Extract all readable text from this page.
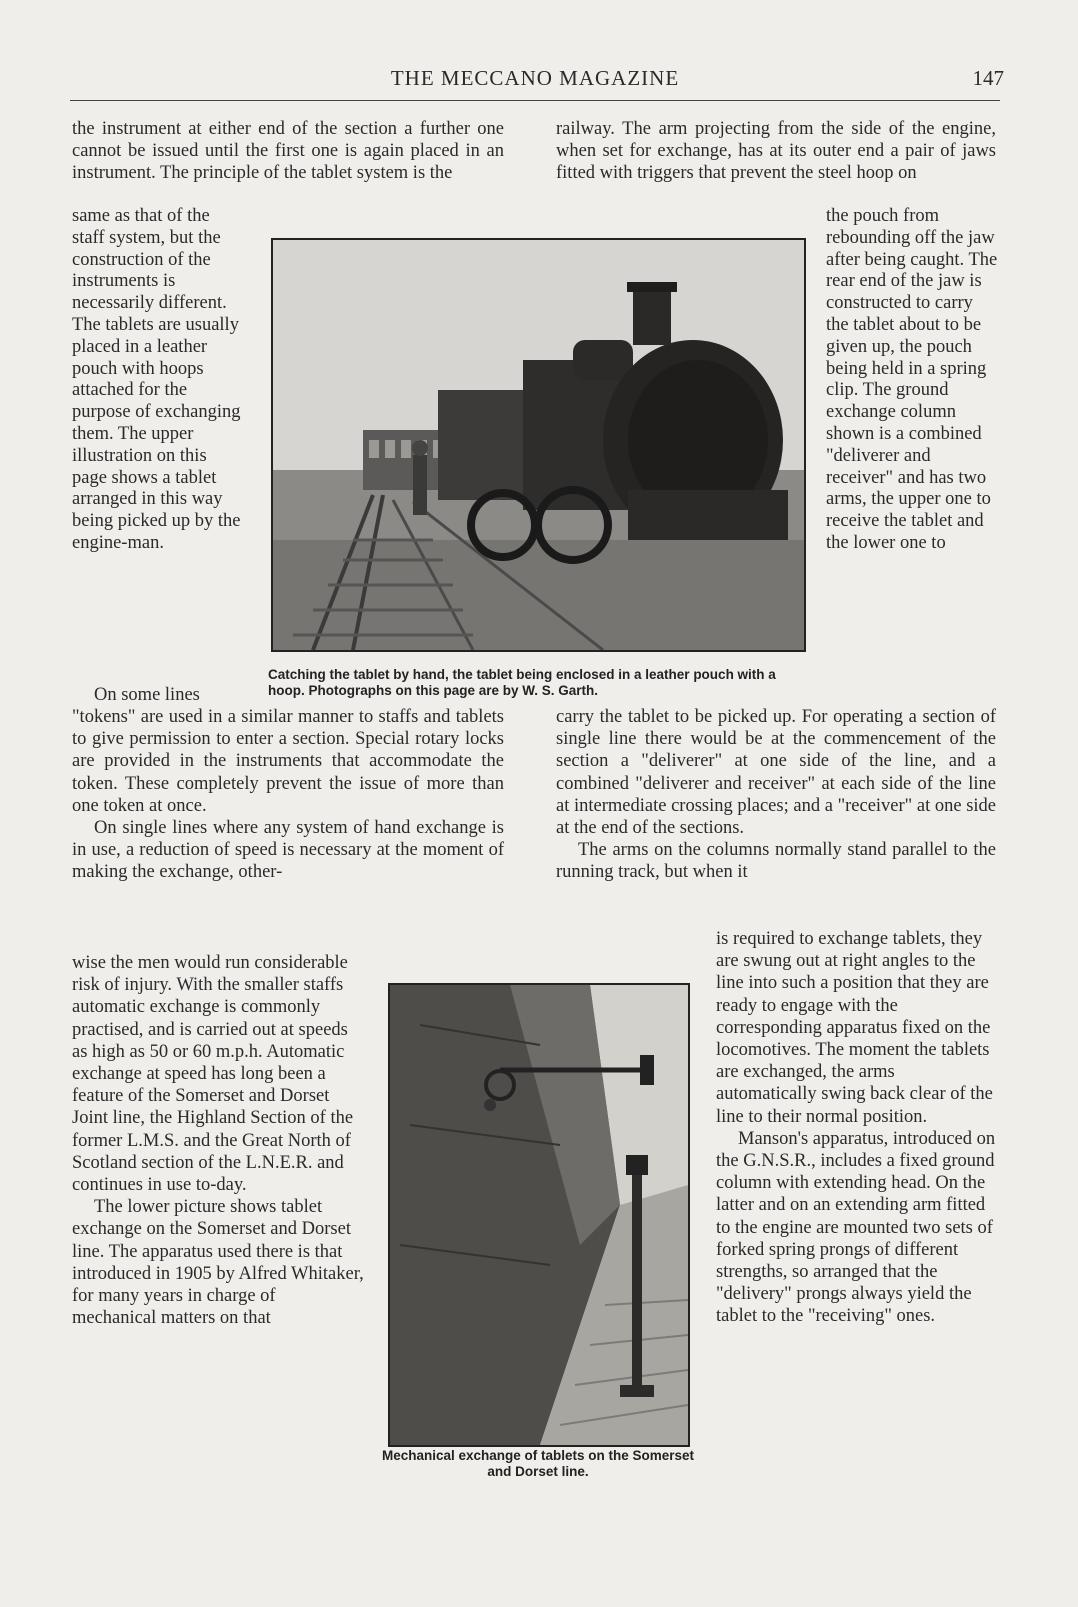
THE MECCANO MAGAZINE	147

the instrument at either end of the section a further one cannot be issued until the first one is again placed in an instrument. The principle of the tablet system is the

same as that of the staff system, but the construction of the instruments is necessarily different. The tablets are usually placed in a leather pouch with hoops attached for the purpose of exchanging them. The upper illustration on this page shows a tablet arranged in this way being picked up by the engine-man.

On some lines

"tokens" are used in a similar manner to staffs and tablets to give permission to enter a section. Special rotary locks are provided in the instruments that accommodate the token. These completely prevent the issue of more than one token at once.

On single lines where any system of hand exchange is in use, a reduction of speed is necessary at the moment of making the exchange, other-

wise the men would run considerable risk of injury. With the smaller staffs automatic exchange is commonly practised, and is carried out at speeds as high as 50 or 60 m.p.h. Automatic exchange at speed has long been a feature of the Somerset and Dorset Joint line, the Highland Section of the former L.M.S. and the Great North of Scotland section of the L.N.E.R. and continues in use to-day.

The lower picture shows tablet exchange on the Somerset and Dorset line. The apparatus used there is that introduced in 1905 by Alfred Whitaker, for many years in charge of mechanical matters on that

railway. The arm projecting from the side of the engine, when set for exchange, has at its outer end a pair of jaws fitted with triggers that prevent the steel hoop on

the pouch from rebounding off the jaw after being caught. The rear end of the jaw is constructed to carry the tablet about to be given up, the pouch being held in a spring clip. The ground exchange column shown is a combined "deliverer and receiver" and has two arms, the upper one to receive the tablet and the lower one to

carry the tablet to be picked up. For operating a section of single line there would be at the commencement of the section a "deliverer" at one side of the line, and a combined "deliverer and receiver" at each side of the line at intermediate crossing places; and a "receiver" at one side at the end of the sections.

The arms on the columns normally stand parallel to the running track, but when it

is required to exchange tablets, they are swung out at right angles to the line into such a position that they are ready to engage with the corresponding apparatus fixed on the locomotives. The moment the tablets are exchanged, the arms automatically swing back clear of the line to their normal position.

Manson's apparatus, introduced on the G.N.S.R., includes a fixed ground column with extending head. On the latter and on an extending arm fitted to the engine are mounted two sets of forked spring prongs of different strengths, so arranged that the "delivery" prongs always yield the tablet to the "receiving" ones.

Catching the tablet by hand, the tablet being enclosed in a leather pouch with a hoop. Photographs on this page are by W. S. Garth.
Mechanical exchange of tablets on the Somerset and Dorset line.
